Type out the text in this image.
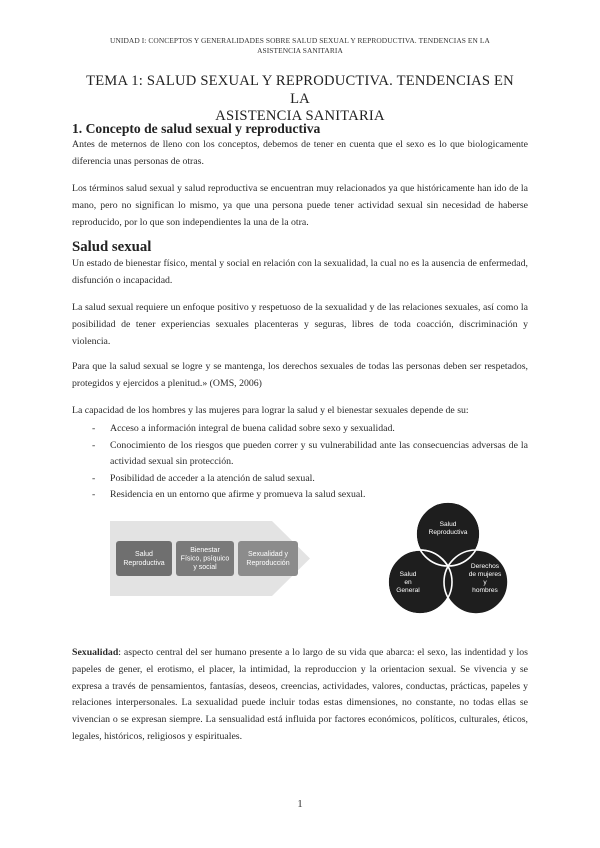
UNIDAD I: CONCEPTOS Y GENERALIDADES SOBRE SALUD SEXUAL Y REPRODUCTIVA. TENDENCIAS EN LA
ASISTENCIA SANITARIA
TEMA 1: SALUD SEXUAL Y REPRODUCTIVA. TENDENCIAS EN LA
ASISTENCIA SANITARIA
1. Concepto de salud sexual y reproductiva

Antes de meternos de lleno con los conceptos, debemos de tener en cuenta que el sexo es lo que biologicamente diferencia unas personas de otras.

Los términos salud sexual y salud reproductiva se encuentran muy relacionados ya que históricamente han ido de la mano, pero no significan lo mismo, ya que una persona puede tener actividad sexual sin necesidad de haberse reproducido, por lo que son independientes la una de la otra.

Salud sexual

Un estado de bienestar físico, mental y social en relación con la sexualidad, la cual no es la ausencia de enfermedad, disfunción o incapacidad.

La salud sexual requiere un enfoque positivo y respetuoso de la sexualidad y de las relaciones sexuales, así como la posibilidad de tener experiencias sexuales placenteras y seguras, libres de toda coacción, discriminación y violencia.

Para que la salud sexual se logre y se mantenga, los derechos sexuales de todas las personas deben ser respetados, protegidos y ejercidos a plenitud.» (OMS, 2006)

La capacidad de los hombres y las mujeres para lograr la salud y el bienestar sexuales depende de su:

- Acceso a información integral de buena calidad sobre sexo y sexualidad.
- Conocimiento de los riesgos que pueden correr y su vulnerabilidad ante las consecuencias adversas de la actividad sexual sin protección.
- Posibilidad de acceder a la atención de salud sexual.
- Residencia en un entorno que afirme y promueva la salud sexual.
Salud
Reproductiva
Bienestar
Físico, psíquico
y social
Sexualidad y
Reproducción
Salud
Reproductiva
Salud
en
General
Derechos
de mujeres
y
hombres

Sexualidad: aspecto central del ser humano presente a lo largo de su vida que abarca: el sexo, las indentidad y los papeles de gener, el erotismo, el placer, la intimidad, la reproduccion y la orientacion sexual. Se vivencia y se expresa a través de pensamientos, fantasías, deseos, creencias, actividades, valores, conductas, prácticas, papeles y relaciones interpersonales. La sexualidad puede incluir todas estas dimensiones, no constante, no todas ellas se vivencian o se expresan siempre. La sensualidad está influida por factores económicos, políticos, culturales, éticos, legales, históricos, religiosos y espirituales.

1
